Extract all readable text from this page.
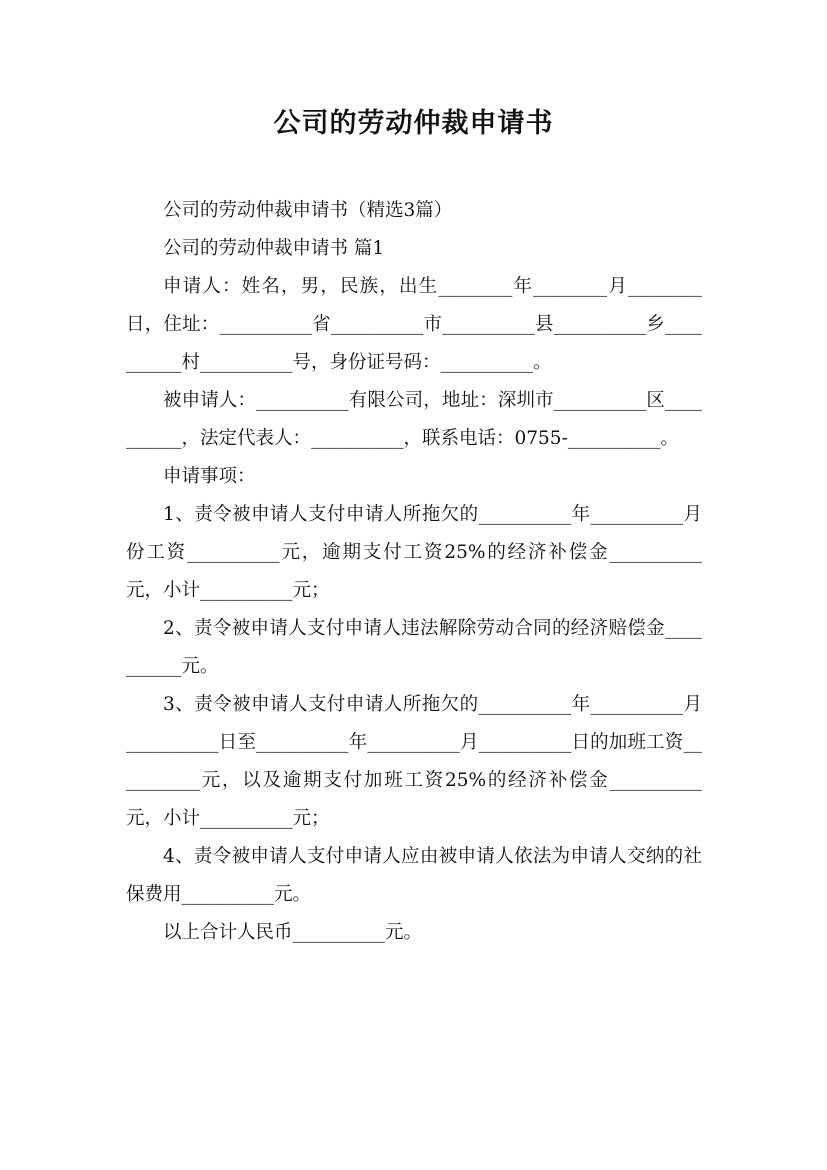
公司的劳动仲裁申请书

公司的劳动仲裁申请书（精选3篇）

公司的劳动仲裁申请书 篇1

申请人：姓名，男，民族，出生________年________月________日，住址：__________省__________市__________县__________乡__________村__________号，身份证号码：__________。

被申请人：__________有限公司，地址：深圳市__________区__________，法定代表人：__________，联系电话：0755-__________。

申请事项：

1、责令被申请人支付申请人所拖欠的__________年__________月份工资__________元，逾期支付工资25%的经济补偿金__________元，小计__________元；

2、责令被申请人支付申请人违法解除劳动合同的经济赔偿金__________元。

3、责令被申请人支付申请人所拖欠的__________年__________月__________日至__________年__________月__________日的加班工资__________元，以及逾期支付加班工资25%的经济补偿金__________元，小计__________元；

4、责令被申请人支付申请人应由被申请人依法为申请人交纳的社保费用__________元。

以上合计人民币__________元。
